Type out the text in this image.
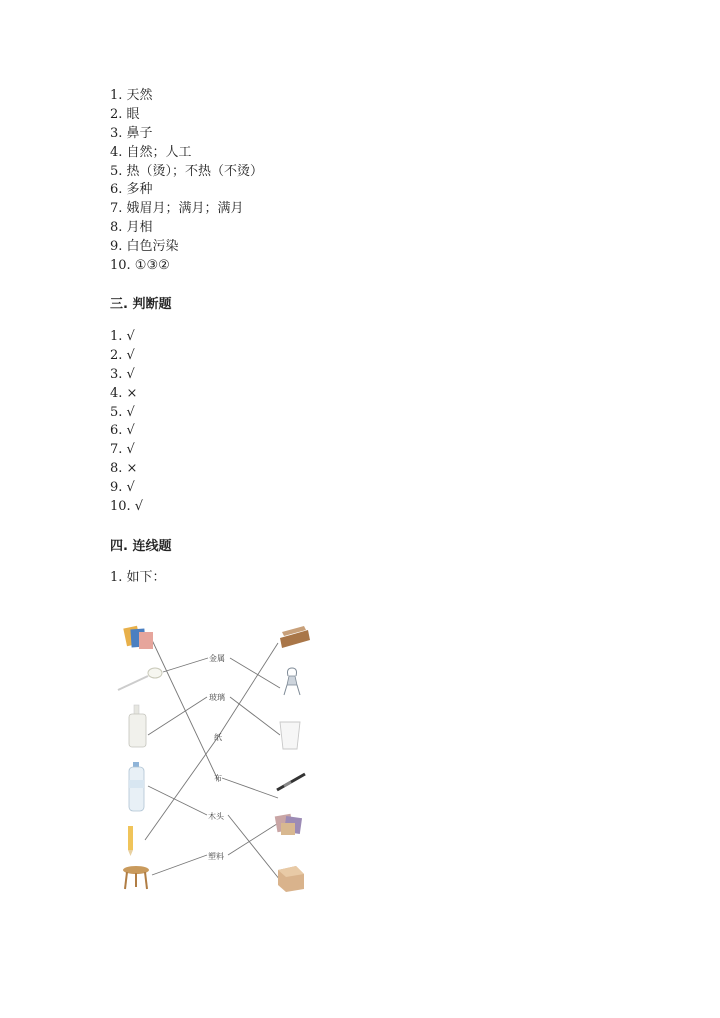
1. 天然
2. 眼
3. 鼻子
4. 自然；人工
5. 热（烫）；不热（不烫）
6. 多种
7. 娥眉月；满月；满月
8. 月相
9. 白色污染
10. ①③②
三. 判断题
1. √
2. √
3. √
4. ×
5. √
6. √
7. √
8. ×
9. √
10. √
四. 连线题
1. 如下：
金属
玻璃
纸
布
木头
塑料
